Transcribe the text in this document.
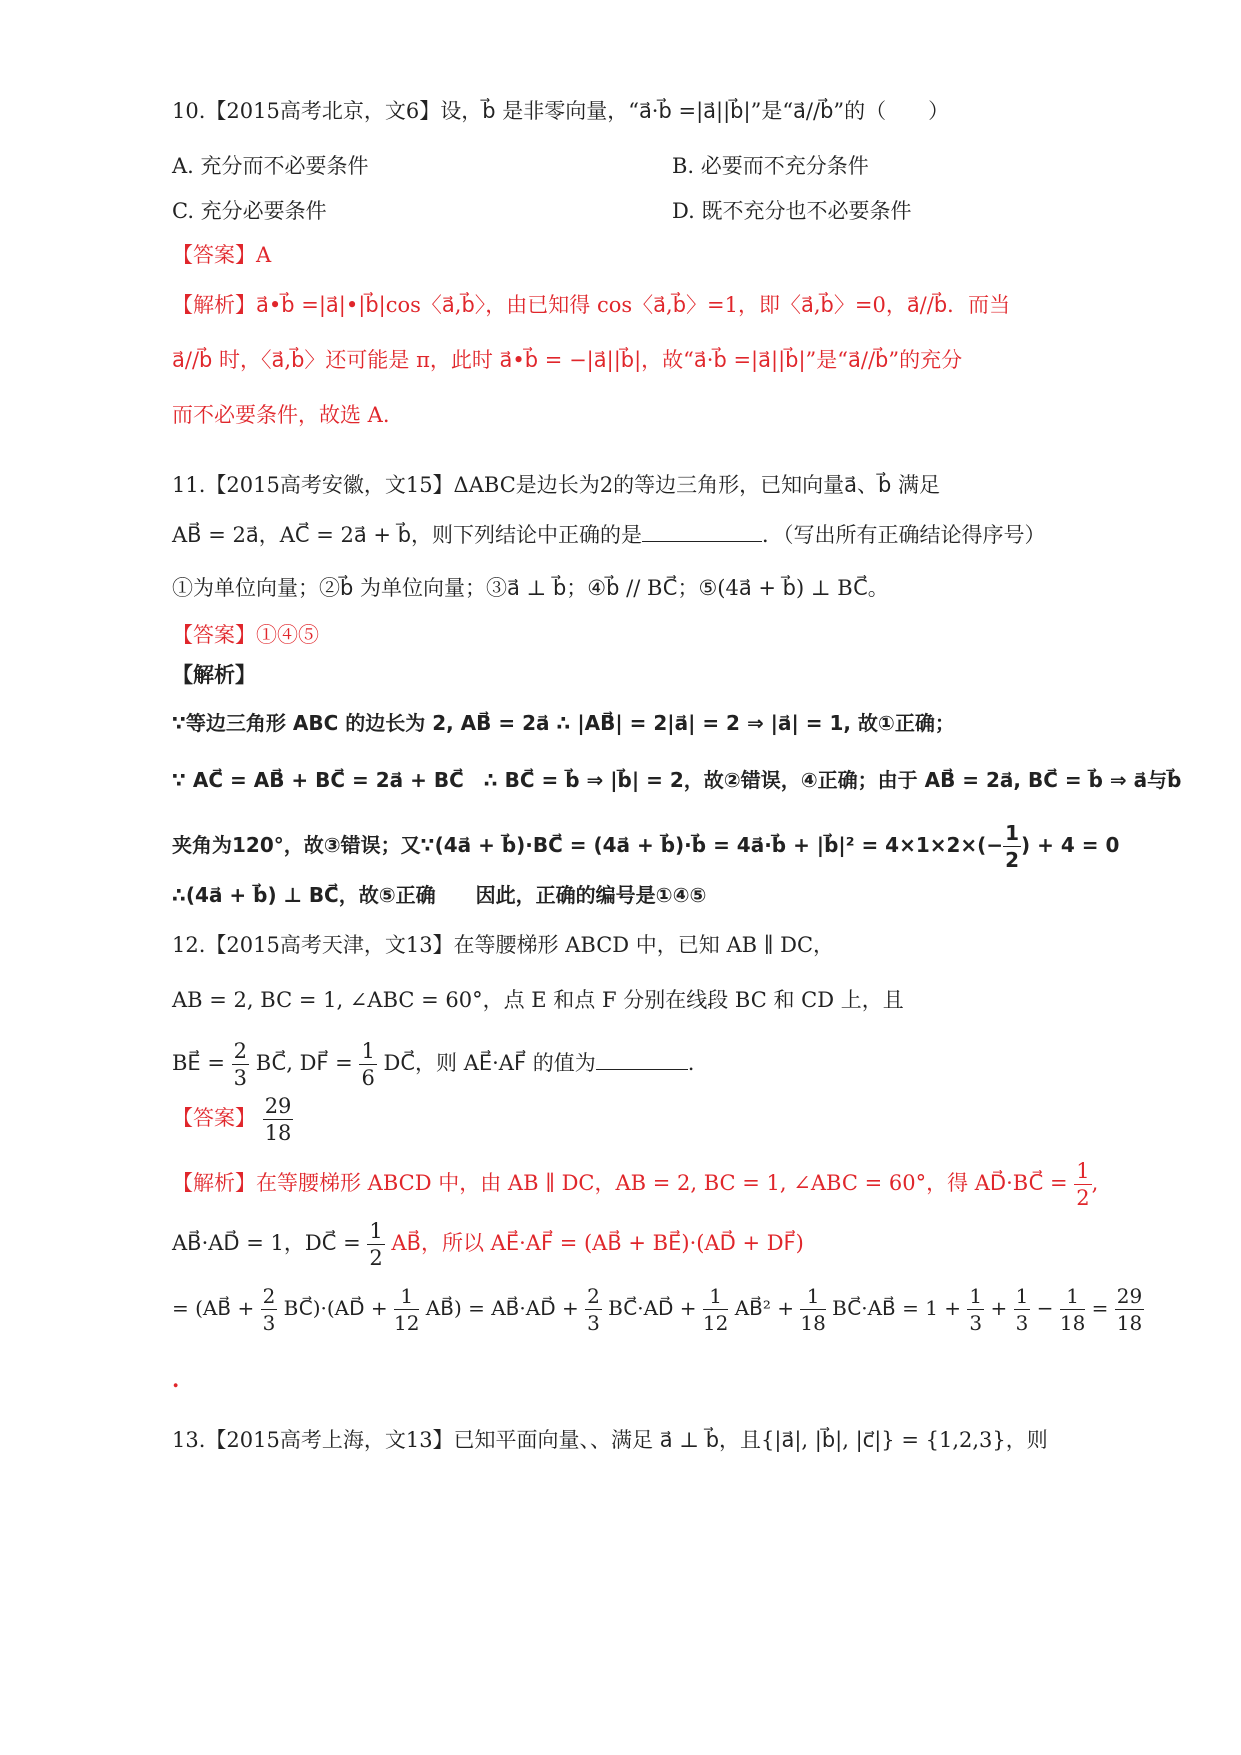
10.【2015高考北京，文6】设，b⃗ 是非零向量，“a⃗·b⃗ =|a⃗||b⃗|”是“a⃗//b⃗”的（　　）
A. 充分而不必要条件	B. 必要而不充分条件
C. 充分必要条件	D. 既不充分也不必要条件
【答案】A
【解析】a⃗•b⃗ =|a⃗|•|b⃗|cos〈a⃗,b⃗〉，由已知得 cos〈a⃗,b⃗〉=1，即〈a⃗,b⃗〉=0，a⃗//b⃗．而当
a⃗//b⃗ 时，〈a⃗,b⃗〉还可能是 π，此时 a⃗•b⃗ = −|a⃗||b⃗|，故“a⃗·b⃗ =|a⃗||b⃗|”是“a⃗//b⃗”的充分
而不必要条件，故选 A.
11.【2015高考安徽，文15】ΔABC是边长为2的等边三角形，已知向量a⃗、b⃗ 满足
AB⃗ = 2a⃗，AC⃗ = 2a⃗ + b⃗，则下列结论中正确的是	．（写出所有正确结论得序号）
①为单位向量；②b⃗ 为单位向量；③a⃗ ⊥ b⃗；④b⃗ // BC⃗；⑤(4a⃗ + b⃗) ⊥ BC⃗。
【答案】①④⑤
【解析】
∵等边三角形 ABC 的边长为 2, AB⃗ = 2a⃗ ∴ |AB⃗| = 2|a⃗| = 2 ⇒ |a⃗| = 1, 故①正确；
∵ AC⃗ = AB⃗ + BC⃗ = 2a⃗ + BC⃗　∴ BC⃗ = b⃗ ⇒ |b⃗| = 2，故②错误，④正确；由于 AB⃗ = 2a⃗, BC⃗ = b⃗ ⇒ a⃗与b⃗
夹角为120°，故③错误；又∵(4a⃗ + b⃗)·BC⃗ = (4a⃗ + b⃗)·b⃗ = 4a⃗·b⃗ + |b⃗|² = $4\times 1\times 2\times(- \frac{1}{2}$ ) + 4 = 0
∴(4a⃗ + b⃗) ⊥ BC⃗，故⑤正确　　因此，正确的编号是①④⑤
12.【2015高考天津，文13】在等腰梯形 ABCD 中，已知 AB ∥ DC，
AB = 2, BC = 1, ∠ABC = 60°，点 E 和点 F 分别在线段 BC 和 CD 上，且
BE⃗ = $\frac{2}{3}$ BC⃗, DF⃗ = $\frac{1}{6}$ DC⃗，则 AE⃗·AF⃗ 的值为	.
【答案】 $\frac{29}{18}$
【解析】在等腰梯形 ABCD 中，由 AB ∥ DC，AB = 2, BC = 1, ∠ABC = 60°，得 AD⃗·BC⃗ = $\frac{1}{2}$ ,
AB⃗·AD⃗ = 1，DC⃗ = $\frac{1}{2}$ AB⃗，所以 AE⃗·AF⃗ = (AB⃗ + BE⃗)·(AD⃗ + DF⃗)
= (AB⃗ + $\frac{2}{3}$ BC⃗)·(AD⃗ + $\frac{1}{12}$ AB⃗) = AB⃗·AD⃗ + $\frac{2}{3}$ BC⃗·AD⃗ + $\frac{1}{12}$ AB⃗² + $\frac{1}{18}$ BC⃗·AB⃗ = $1 + \frac{1}{3} + \frac{1}{3} - \frac{1}{18} = \frac{29}{18}$
.
13.【2015高考上海，文13】已知平面向量、、满足 a⃗ ⊥ b⃗，且{|a⃗|, |b⃗|, |c⃗|} = {1,2,3}，则
